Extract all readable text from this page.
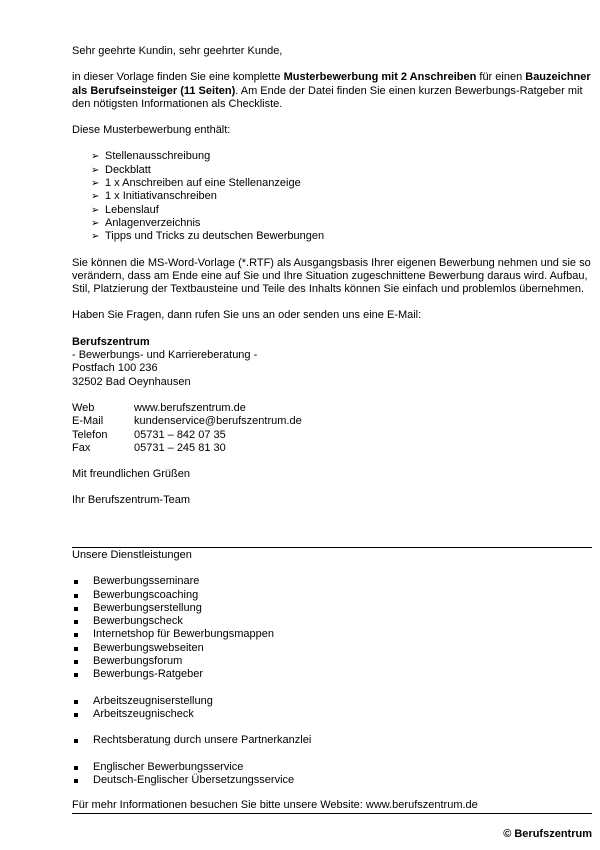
Sehr geehrte Kundin, sehr geehrter Kunde,

in dieser Vorlage finden Sie eine komplette Musterbewerbung mit 2 Anschreiben für einen Bauzeichner als Berufseinsteiger (11 Seiten). Am Ende der Datei finden Sie einen kurzen Bewerbungs-Ratgeber mit den nötigsten Informationen als Checkliste.

Diese Musterbewerbung enthält:

➢ Stellenausschreibung
➢ Deckblatt
➢ 1 x Anschreiben auf eine Stellenanzeige
➢ 1 x Initiativanschreiben
➢ Lebenslauf
➢ Anlagenverzeichnis
➢ Tipps und Tricks zu deutschen Bewerbungen

Sie können die MS-Word-Vorlage (*.RTF) als Ausgangsbasis Ihrer eigenen Bewerbung nehmen und sie so verändern, dass am Ende eine auf Sie und Ihre Situation zugeschnittene Bewerbung daraus wird. Aufbau, Stil, Platzierung der Textbausteine und Teile des Inhalts können Sie einfach und problemlos übernehmen.

Haben Sie Fragen, dann rufen Sie uns an oder senden uns eine E-Mail:

Berufszentrum

- Bewerbungs- und Karriereberatung -

Postfach 100 236

32502 Bad Oeynhausen

Web	www.berufszentrum.de
E-Mail	kundenservice@berufszentrum.de
Telefon	05731 – 842 07 35
Fax	05731 – 245 81 30

Mit freundlichen Grüßen

Ihr Berufszentrum-Team

Unsere Dienstleistungen

Bewerbungsseminare
Bewerbungscoaching
Bewerbungserstellung
Bewerbungscheck
Internetshop für Bewerbungsmappen
Bewerbungswebseiten
Bewerbungsforum
Bewerbungs-Ratgeber
Arbeitszeugniserstellung
Arbeitszeugnischeck
Rechtsberatung durch unsere Partnerkanzlei
Englischer Bewerbungsservice
Deutsch-Englischer Übersetzungsservice

Für mehr Informationen besuchen Sie bitte unsere Website: www.berufszentrum.de

© Berufszentrum
